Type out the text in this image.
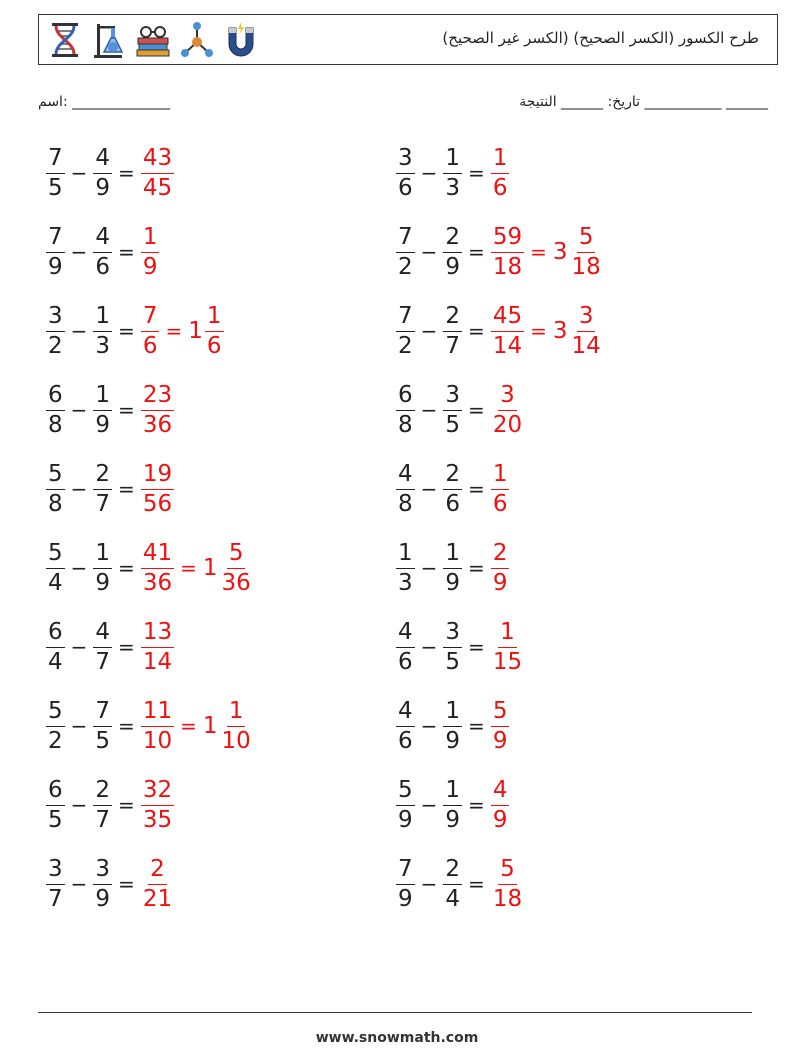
طرح الكسور (الكسر الصحيح) (الكسر غير الصحيح)
تاريخ: ______ النتيجة ___________ ______
اسم: ______________
$\frac{7}{5} - \frac{4}{9} = \frac{43}{45}$	$\frac{3}{6} - \frac{1}{3} = \frac{1}{6}$
$\frac{7}{9} - \frac{4}{6} = \frac{1}{9}$	$\frac{7}{2} - \frac{2}{9} = \frac{59}{18} = 3 \frac{5}{18}$
$\frac{3}{2} - \frac{1}{3} = \frac{7}{6} = 1 \frac{1}{6}$	$\frac{7}{2} - \frac{2}{7} = \frac{45}{14} = 3 \frac{3}{14}$
$\frac{6}{8} - \frac{1}{9} = \frac{23}{36}$	$\frac{6}{8} - \frac{3}{5} = \frac{3}{20}$
$\frac{5}{8} - \frac{2}{7} = \frac{19}{56}$	$\frac{4}{8} - \frac{2}{6} = \frac{1}{6}$
$\frac{5}{4} - \frac{1}{9} = \frac{41}{36} = 1 \frac{5}{36}$	$\frac{1}{3} - \frac{1}{9} = \frac{2}{9}$
$\frac{6}{4} - \frac{4}{7} = \frac{13}{14}$	$\frac{4}{6} - \frac{3}{5} = \frac{1}{15}$
$\frac{5}{2} - \frac{7}{5} = \frac{11}{10} = 1 \frac{1}{10}$	$\frac{4}{6} - \frac{1}{9} = \frac{5}{9}$
$\frac{6}{5} - \frac{2}{7} = \frac{32}{35}$	$\frac{5}{9} - \frac{1}{9} = \frac{4}{9}$
$\frac{3}{7} - \frac{3}{9} = \frac{2}{21}$	$\frac{7}{9} - \frac{2}{4} = \frac{5}{18}$
www.snowmath.com
